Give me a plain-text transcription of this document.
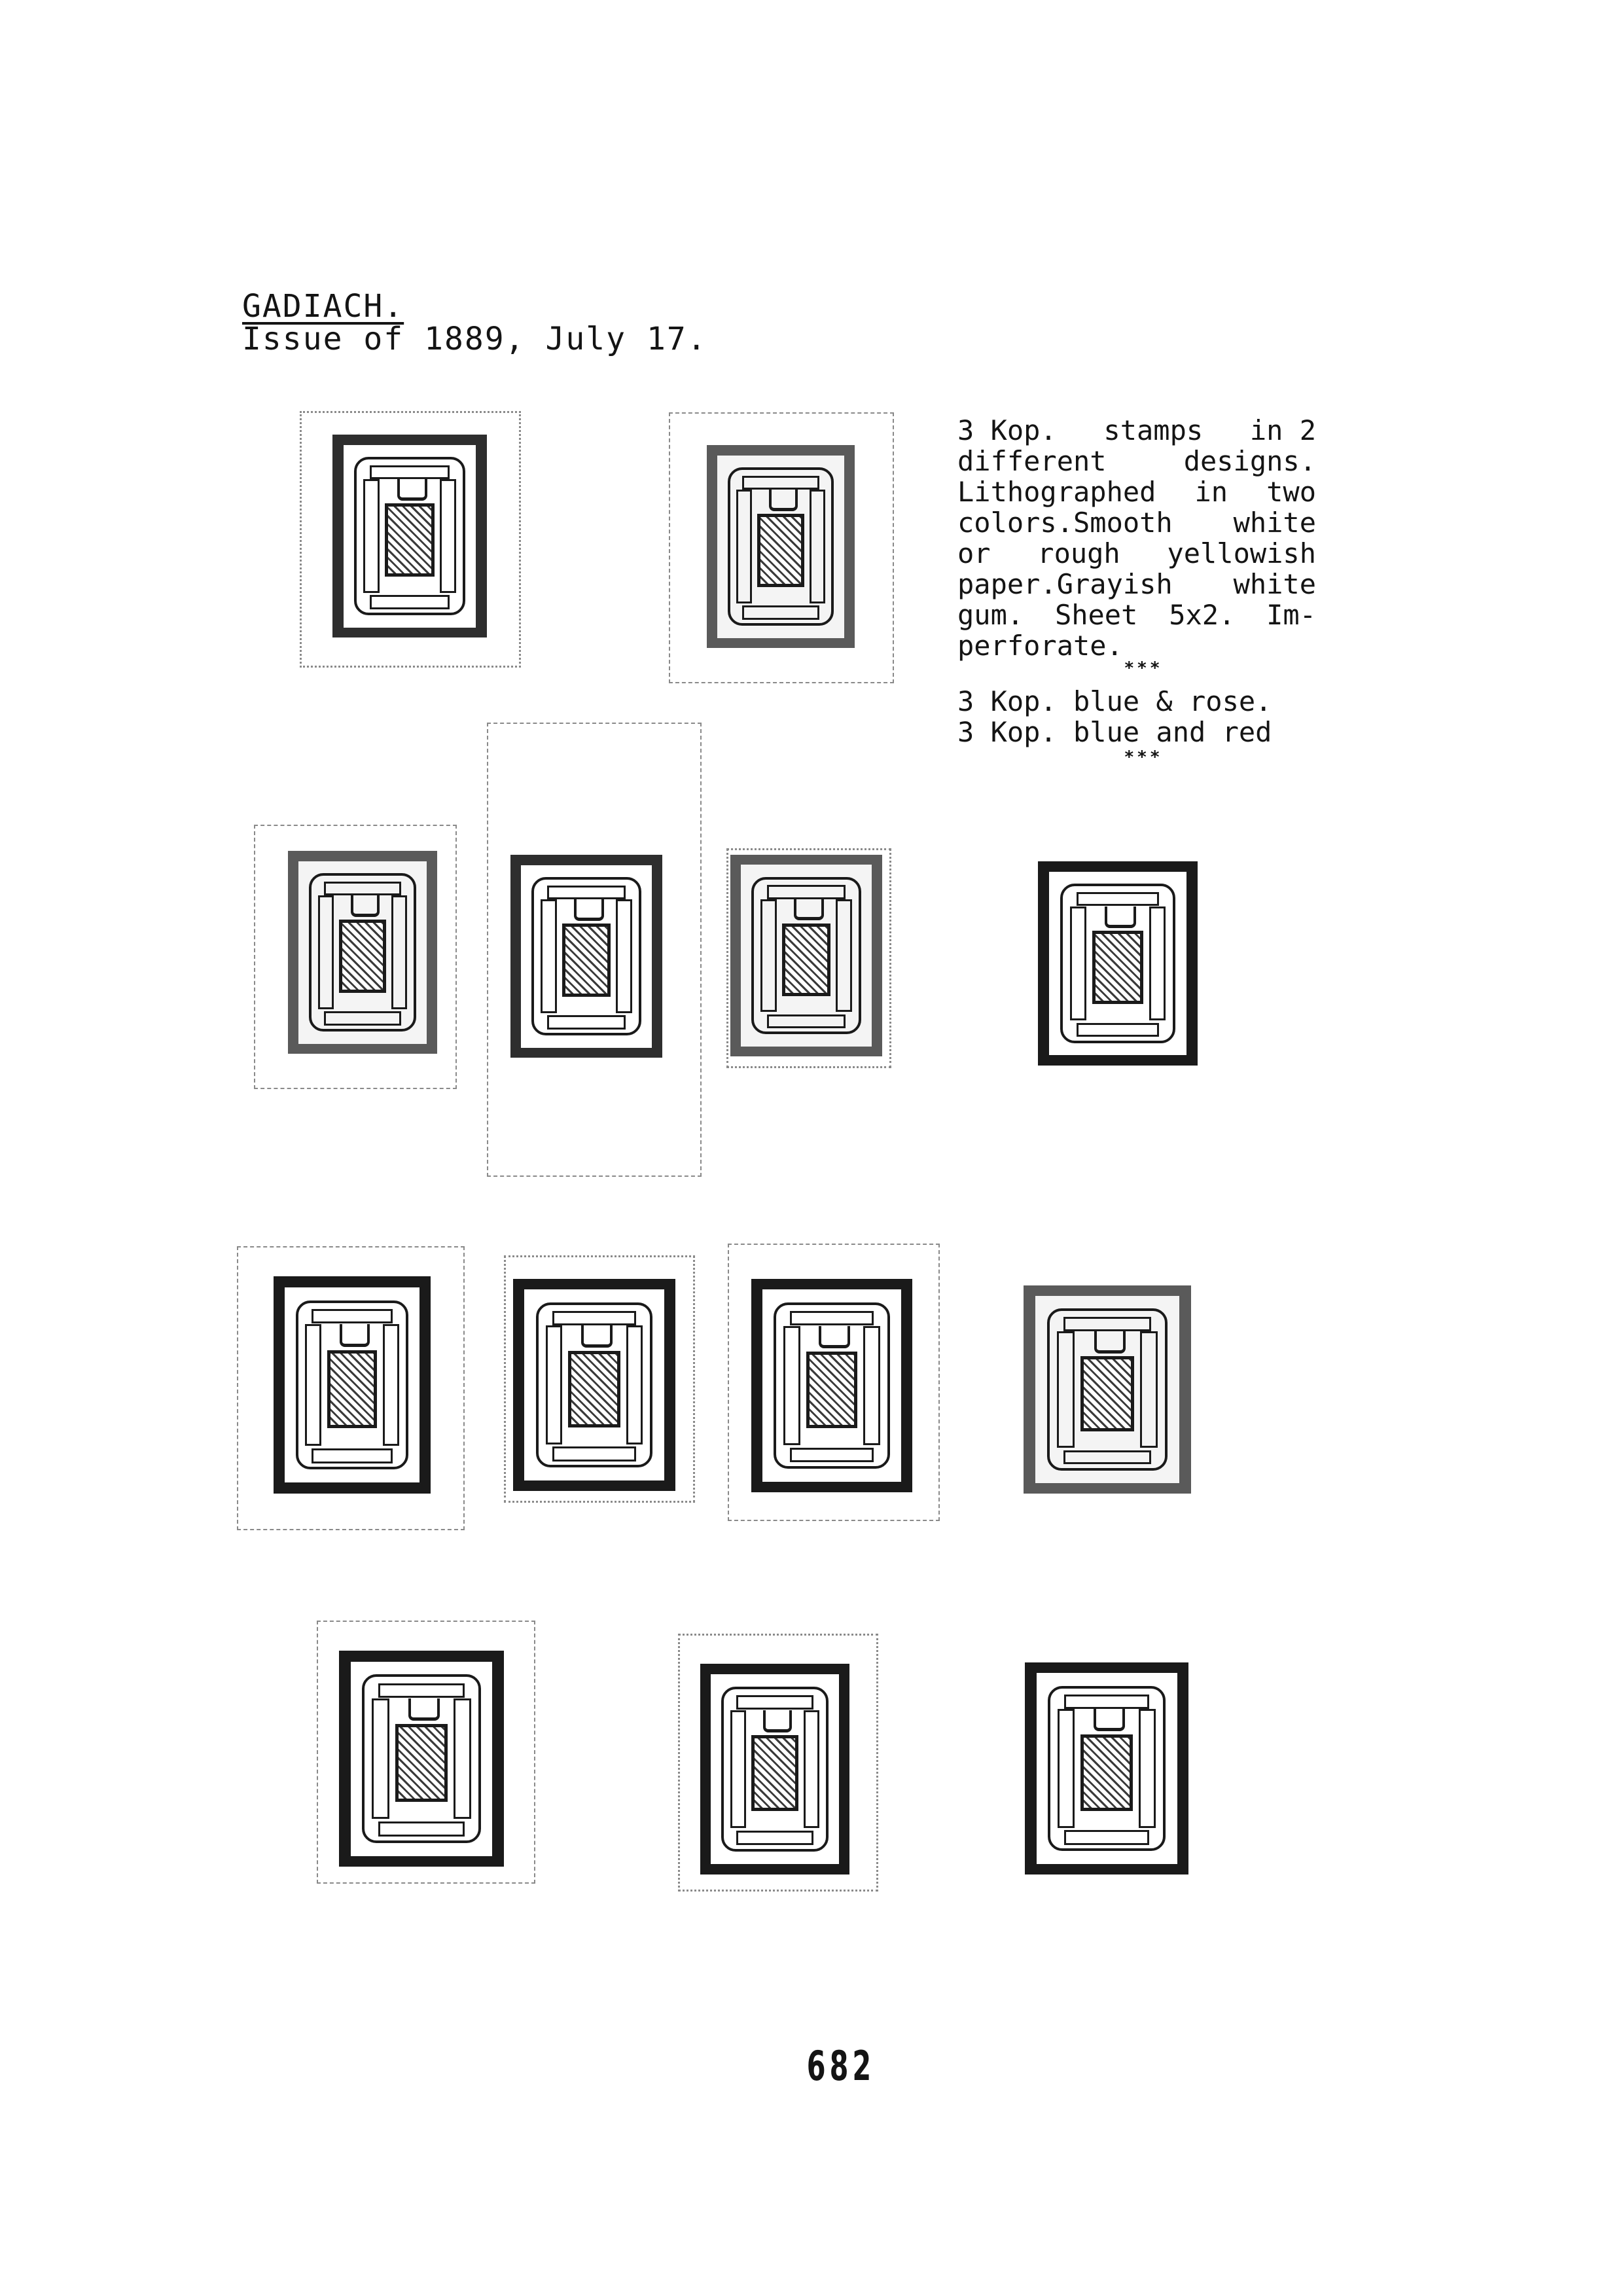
GADIACH.
Issue of 1889, July 17.
3 Kop. stamps in 2
different	designs.
Lithographed in two
colors.Smooth white
or rough yellowish
paper.Grayish white
gum. Sheet 5x2. Im-
perforate.
***
3 Kop. blue & rose.
3 Kop. blue and red
***
682
